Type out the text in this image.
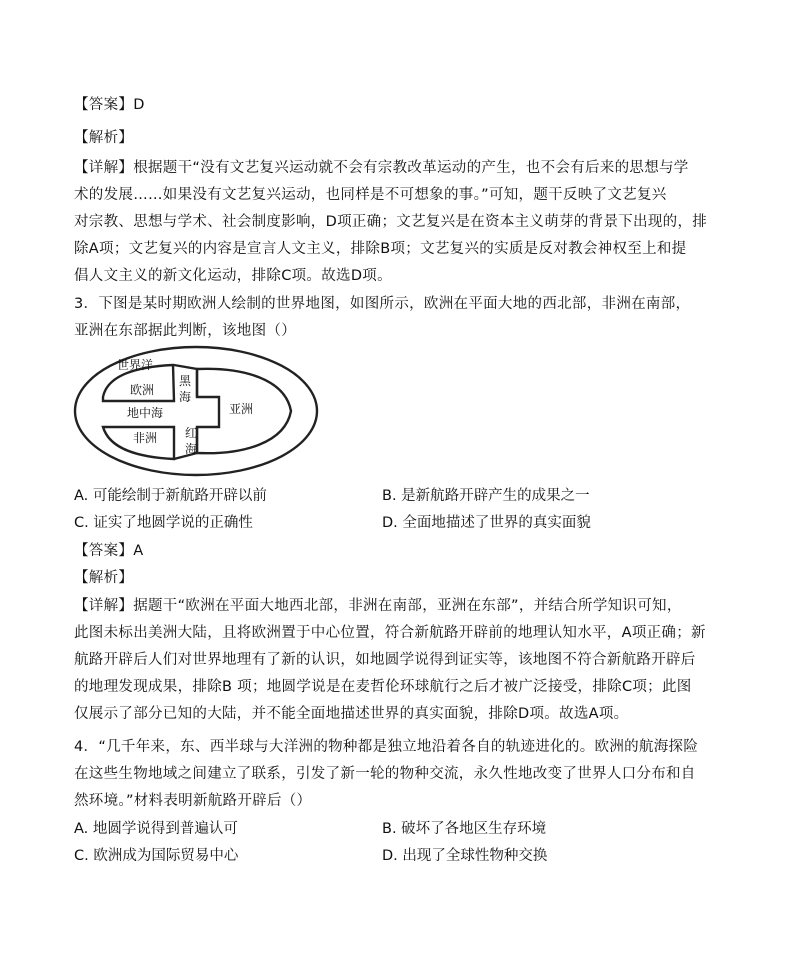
【答案】D
【解析】
【详解】根据题干“没有文艺复兴运动就不会有宗教改革运动的产生，也不会有后来的思想与学
术的发展……如果没有文艺复兴运动，也同样是不可想象的事。”可知，题干反映了文艺复兴
对宗教、思想与学术、社会制度影响，D项正确；文艺复兴是在资本主义萌芽的背景下出现的，排
除A项；文艺复兴的内容是宣言人文主义，排除B项；文艺复兴的实质是反对教会神权至上和提
倡人文主义的新文化运动，排除C项。故选D项。
3．下图是某时期欧洲人绘制的世界地图，如图所示，欧洲在平面大地的西北部，非洲在南部，
亚洲在东部据此判断，该地图（）
世界洋
欧洲
黑
海
亚洲
地中海
非洲 红
海
A. 可能绘制于新航路开辟以前	B. 是新航路开辟产生的成果之一
C. 证实了地圆学说的正确性	D. 全面地描述了世界的真实面貌
【答案】A
【解析】
【详解】据题干“欧洲在平面大地西北部，非洲在南部，亚洲在东部”，并结合所学知识可知，
此图未标出美洲大陆，且将欧洲置于中心位置，符合新航路开辟前的地理认知水平，A项正确；新
航路开辟后人们对世界地理有了新的认识，如地圆学说得到证实等，该地图不符合新航路开辟后
的地理发现成果，排除B 项；地圆学说是在麦哲伦环球航行之后才被广泛接受，排除C项；此图
仅展示了部分已知的大陆，并不能全面地描述世界的真实面貌，排除D项。故选A项。
4．“几千年来，东、西半球与大洋洲的物种都是独立地沿着各自的轨迹进化的。欧洲的航海探险
在这些生物地域之间建立了联系，引发了新一轮的物种交流，永久性地改变了世界人口分布和自
然环境。”材料表明新航路开辟后（）
A. 地圆学说得到普遍认可	B. 破坏了各地区生存环境
C. 欧洲成为国际贸易中心	D. 出现了全球性物种交换
